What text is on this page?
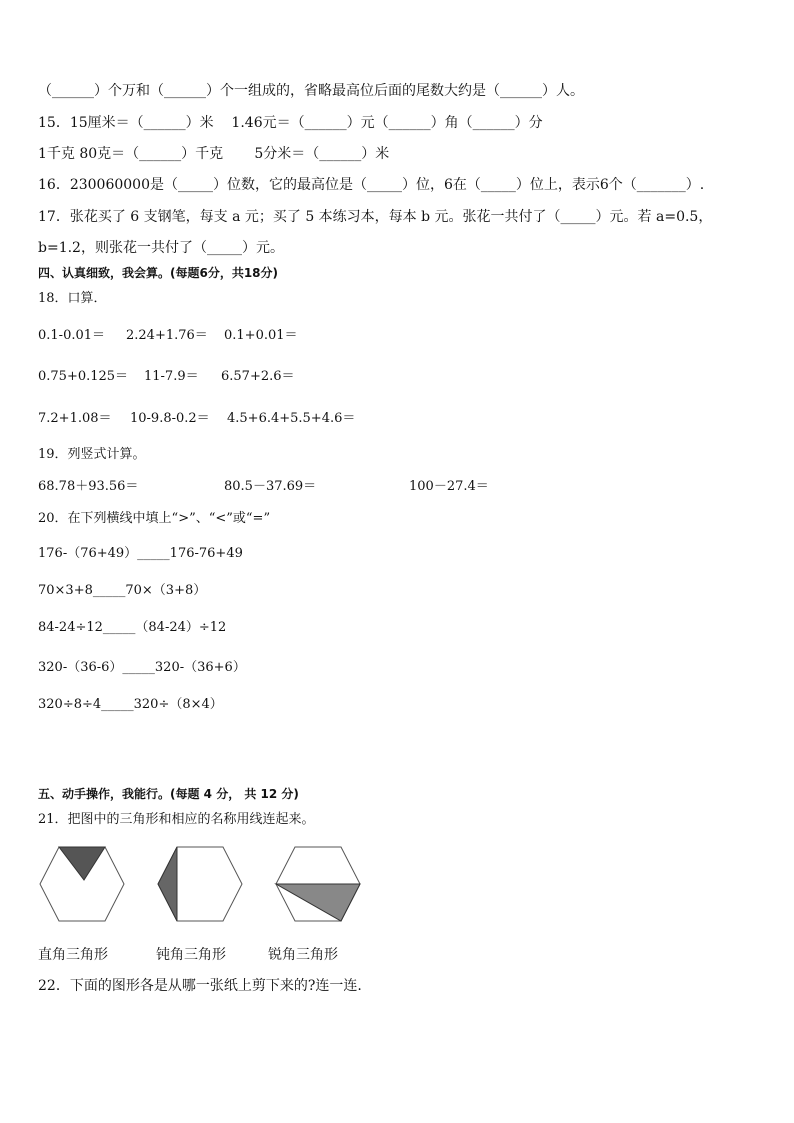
（______）个万和（______）个一组成的，省略最高位后面的尾数大约是（______）人。
15．15厘米＝（______）米    1.46元＝（______）元（______）角（______）分
1千克 80克＝（______）千克       5分米＝（______）米
16．230060000是（_____）位数，它的最高位是（_____）位，6在（_____）位上，表示6个（_______）.
17．张花买了 6 支钢笔，每支 a 元；买了 5 本练习本，每本 b 元。张花一共付了（_____）元。若 a=0.5，
b=1.2，则张花一共付了（_____）元。
四、认真细致，我会算。(每题6分，共18分)
18．口算．
0.1-0.01＝ 2.24+1.76＝ 0.1+0.01＝
0.75+0.125＝ 11-7.9＝ 6.57+2.6＝
7.2+1.08＝ 10-9.8-0.2＝ 4.5+6.4+5.5+4.6＝
19．列竖式计算。
68.78＋93.56＝	80.5－37.69＝	100－27.4＝
20．在下列横线中填上“>”、“<”或“=”
176-（76+49）_____176-76+49
70×3+8_____70×（3+8）
84-24÷12_____（84-24）÷12
320-（36-6）_____320-（36+6）
320÷8÷4_____320÷（8×4）
五、动手操作，我能行。(每题 4 分， 共 12 分)
21．把图中的三角形和相应的名称用线连起来。
直角三角形	钝角三角形	锐角三角形
22．下面的图形各是从哪一张纸上剪下来的?连一连.
